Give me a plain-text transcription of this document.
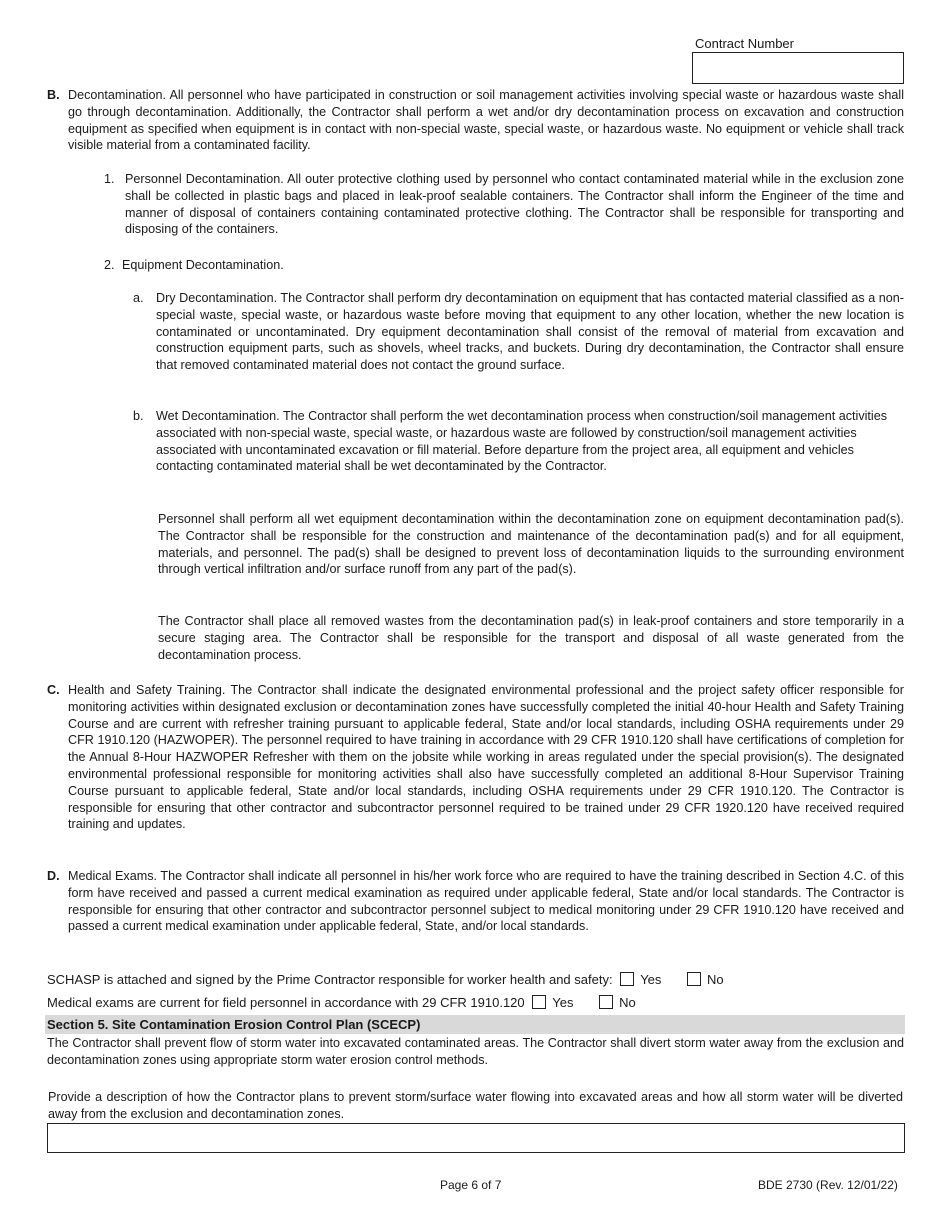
Contract Number
B. Decontamination. All personnel who have participated in construction or soil management activities involving special waste or hazardous waste shall go through decontamination. Additionally, the Contractor shall perform a wet and/or dry decontamination process on excavation and construction equipment as specified when equipment is in contact with non-special waste, special waste, or hazardous waste. No equipment or vehicle shall track visible material from a contaminated facility.

1. Personnel Decontamination. All outer protective clothing used by personnel who contact contaminated material while in the exclusion zone shall be collected in plastic bags and placed in leak-proof sealable containers. The Contractor shall inform the Engineer of the time and manner of disposal of containers containing contaminated protective clothing. The Contractor shall be responsible for transporting and disposing of the containers.

2. Equipment Decontamination.

a. Dry Decontamination. The Contractor shall perform dry decontamination on equipment that has contacted material classified as a non-special waste, special waste, or hazardous waste before moving that equipment to any other location, whether the new location is contaminated or uncontaminated. Dry equipment decontamination shall consist of the removal of material from excavation and construction equipment parts, such as shovels, wheel tracks, and buckets. During dry decontamination, the Contractor shall ensure that removed contaminated material does not contact the ground surface.

b. Wet Decontamination. The Contractor shall perform the wet decontamination process when construction/soil management activities associated with non-special waste, special waste, or hazardous waste are followed by construction/soil management activities associated with uncontaminated excavation or fill material. Before departure from the project area, all equipment and vehicles contacting contaminated material shall be wet decontaminated by the Contractor.

Personnel shall perform all wet equipment decontamination within the decontamination zone on equipment decontamination pad(s). The Contractor shall be responsible for the construction and maintenance of the decontamination pad(s) and for all equipment, materials, and personnel. The pad(s) shall be designed to prevent loss of decontamination liquids to the surrounding environment through vertical infiltration and/or surface runoff from any part of the pad(s).

The Contractor shall place all removed wastes from the decontamination pad(s) in leak-proof containers and store temporarily in a secure staging area. The Contractor shall be responsible for the transport and disposal of all waste generated from the decontamination process.

C. Health and Safety Training. The Contractor shall indicate the designated environmental professional and the project safety officer responsible for monitoring activities within designated exclusion or decontamination zones have successfully completed the initial 40-hour Health and Safety Training Course and are current with refresher training pursuant to applicable federal, State and/or local standards, including OSHA requirements under 29 CFR 1910.120 (HAZWOPER). The personnel required to have training in accordance with 29 CFR 1910.120 shall have certifications of completion for the Annual 8-Hour HAZWOPER Refresher with them on the jobsite while working in areas regulated under the special provision(s). The designated environmental professional responsible for monitoring activities shall also have successfully completed an additional 8-Hour Supervisor Training Course pursuant to applicable federal, State and/or local standards, including OSHA requirements under 29 CFR 1910.120. The Contractor is responsible for ensuring that other contractor and subcontractor personnel required to be trained under 29 CFR 1920.120 have received required training and updates.

D. Medical Exams. The Contractor shall indicate all personnel in his/her work force who are required to have the training described in Section 4.C. of this form have received and passed a current medical examination as required under applicable federal, State and/or local standards. The Contractor is responsible for ensuring that other contractor and subcontractor personnel subject to medical monitoring under 29 CFR 1910.120 have received and passed a current medical examination under applicable federal, State, and/or local standards.

SCHASP is attached and signed by the Prime Contractor responsible for worker health and safety: Yes	No
Medical exams are current for field personnel in accordance with 29 CFR 1910.120 Yes	No
Section 5. Site Contamination Erosion Control Plan (SCECP)

The Contractor shall prevent flow of storm water into excavated contaminated areas. The Contractor shall divert storm water away from the exclusion and decontamination zones using appropriate storm water erosion control methods.

Provide a description of how the Contractor plans to prevent storm/surface water flowing into excavated areas and how all storm water will be diverted away from the exclusion and decontamination zones.

Page 6 of 7	BDE 2730 (Rev. 12/01/22)
